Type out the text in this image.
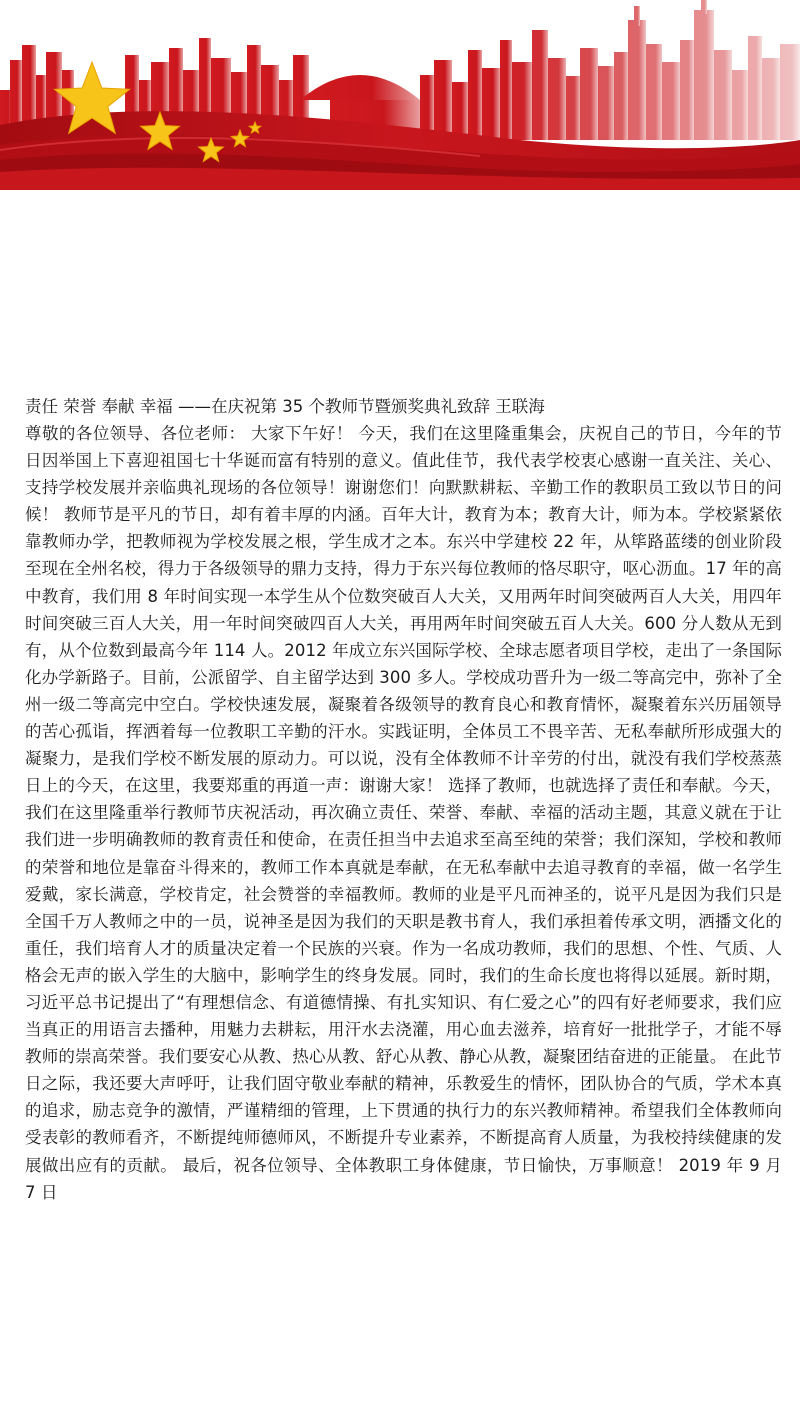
责任 荣誉 奉献 幸福 ——在庆祝第 35 个教师节暨颁奖典礼致辞 王联海

尊敬的各位领导、各位老师： 大家下午好！ 今天，我们在这里隆重集会，庆祝自己的节日，今年的节日因举国上下喜迎祖国七十华诞而富有特别的意义。值此佳节，我代表学校衷心感谢一直关注、关心、支持学校发展并亲临典礼现场的各位领导！谢谢您们！向默默耕耘、辛勤工作的教职员工致以节日的问候！ 教师节是平凡的节日，却有着丰厚的内涵。百年大计，教育为本；教育大计，师为本。学校紧紧依靠教师办学，把教师视为学校发展之根，学生成才之本。东兴中学建校 22 年，从筚路蓝缕的创业阶段至现在全州名校，得力于各级领导的鼎力支持，得力于东兴每位教师的恪尽职守，呕心沥血。17 年的高中教育，我们用 8 年时间实现一本学生从个位数突破百人大关，又用两年时间突破两百人大关，用四年时间突破三百人大关，用一年时间突破四百人大关，再用两年时间突破五百人大关。600 分人数从无到有，从个位数到最高今年 114 人。2012 年成立东兴国际学校、全球志愿者项目学校，走出了一条国际化办学新路子。目前，公派留学、自主留学达到 300 多人。学校成功晋升为一级二等高完中，弥补了全州一级二等高完中空白。学校快速发展，凝聚着各级领导的教育良心和教育情怀，凝聚着东兴历届领导的苦心孤诣，挥洒着每一位教职工辛勤的汗水。实践证明，全体员工不畏辛苦、无私奉献所形成强大的凝聚力，是我们学校不断发展的原动力。可以说，没有全体教师不计辛劳的付出，就没有我们学校蒸蒸日上的今天，在这里，我要郑重的再道一声：谢谢大家！ 选择了教师，也就选择了责任和奉献。今天，我们在这里隆重举行教师节庆祝活动，再次确立责任、荣誉、奉献、幸福的活动主题，其意义就在于让我们进一步明确教师的教育责任和使命，在责任担当中去追求至高至纯的荣誉；我们深知，学校和教师的荣誉和地位是靠奋斗得来的，教师工作本真就是奉献，在无私奉献中去追寻教育的幸福，做一名学生爱戴，家长满意，学校肯定，社会赞誉的幸福教师。教师的业是平凡而神圣的，说平凡是因为我们只是全国千万人教师之中的一员，说神圣是因为我们的天职是教书育人，我们承担着传承文明，洒播文化的重任，我们培育人才的质量决定着一个民族的兴衰。作为一名成功教师，我们的思想、个性、气质、人格会无声的嵌入学生的大脑中，影响学生的终身发展。同时，我们的生命长度也将得以延展。新时期，习近平总书记提出了“有理想信念、有道德情操、有扎实知识、有仁爱之心”的四有好老师要求，我们应当真正的用语言去播种，用魅力去耕耘，用汗水去浇灌，用心血去滋养，培育好一批批学子，才能不辱教师的崇高荣誉。我们要安心从教、热心从教、舒心从教、静心从教，凝聚团结奋进的正能量。 在此节日之际，我还要大声呼吁，让我们固守敬业奉献的精神，乐教爱生的情怀，团队协合的气质，学术本真的追求，励志竞争的激情，严谨精细的管理，上下贯通的执行力的东兴教师精神。希望我们全体教师向受表彰的教师看齐，不断提纯师德师风，不断提升专业素养，不断提高育人质量，为我校持续健康的发展做出应有的贡献。 最后，祝各位领导、全体教职工身体健康，节日愉快，万事顺意！ 2019 年 9 月 7 日
